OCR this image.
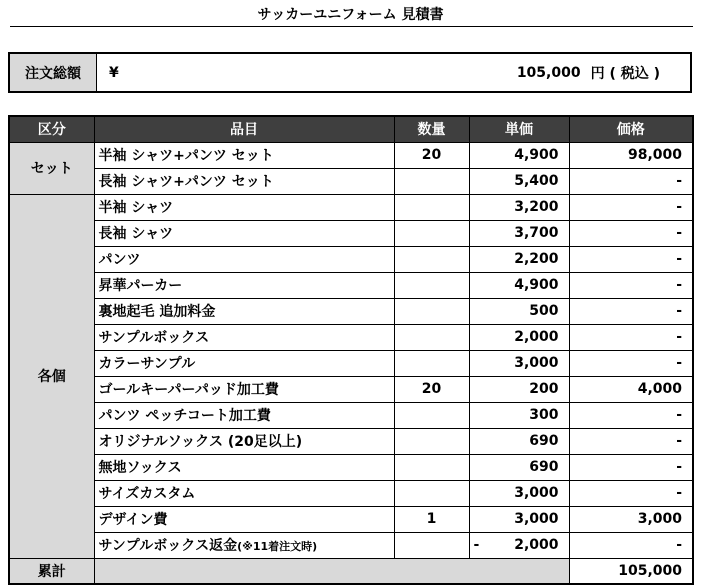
サッカーユニフォーム 見積書
注文総額	¥	105,000 円 ( 税込 )
区分	品目	数量	単価	価格
セット	半袖 シャツ+パンツ セット	20	4,900	98,000
	長袖 シャツ+パンツ セット		5,400	-
各個	半袖 シャツ		3,200	-
	長袖 シャツ		3,700	-
	パンツ		2,200	-
	昇華パーカー		4,900	-
	裏地起毛 追加料金		500	-
	サンプルボックス		2,000	-
	カラーサンプル		3,000	-
	ゴールキーパーパッド加工費	20	200	4,000
	パンツ ペッチコート加工費		300	-
	オリジナルソックス (20足以上)		690	-
	無地ソックス		690	-
	サイズカスタム		3,000	-
	デザイン費	1	3,000	3,000
	サンプルボックス返金(※11着注文時)		- 2,000	-
累計				105,000
